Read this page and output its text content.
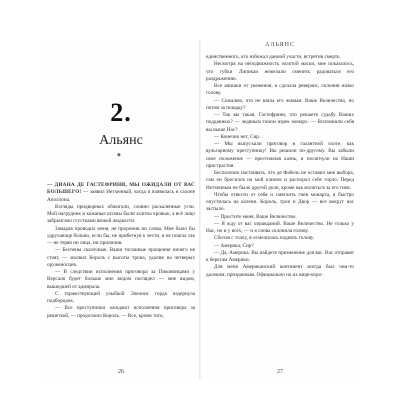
2.
Альянс
◆

— ДИАНА ДЕ ГАСТЕФРИНИ, МЫ ОЖИДАЛИ ОТ ВАС БОЛЬШЕГО! — заявил Нетхенный, когда я появилась в салоне Аполлона.

Взгляды придворных обжигали, словно раскаленные угли. Мой нагрудник и кожаные штаны были залиты кровью, а всё лицо забрызгано сгустками вязкой жидкости.

Замарав проводил меня, не проронив ни слова. Мне было бы удручающе больно, если бы, не прибегнув к чести, я не пошла так — не теряя ни лица, ни приличия.

— Беспены сказочные. Ваши тогашные прощения ничего не стоят, — молвил Король с высоты трона, удалив на четверых оруженосцев.

— В следствии исполнения приговора за Пиковинцами у Версаля будет больше мне видом поглядел — мне видом, вышедшей от адмирала.

С торжествующей улыбкой Элеонис гордо вздернула подбородок.

— Все преступники ожидают исполнения приговора за решеткой, — продолжил Король. — Все, кроме того,

26
АЛЬЯНС

единственного, кто избежал данной участи, встретив смерть.

Несмотря на неподвижность золотой маски, мне показалось, что губки Липикаи нежелали сменить радоваться его раздражению.

Все анишки от уважения, я сделала реверанс, склонив низко голову.

— Сожалею, что не взяла его живым. Ваше Величество, но потом за пощаду?

— Так вы такая, Гастефрини, что решаете судьбу Ваших подданных? — ледяным тоном изрек монарх. — Вспомнили себя вы выше Нас?

— Конечно нет, Сир.

— Мы выпускали приговор в галантной охоте, как вульгарному преступнику! Вы решили по-другому. Вы забыли свое положение — престижная казнь, и посягнули на Наши пристрастия.

Бесполезно настаивать, что де Фабель не оставил мне выбора, сам он бросился на мой клинок и распорол себе горло. Перед Нетхенным не было другой доли, кроме как молиться за его гнев.

Чтобы отвести от себя и смягчить гнев монарха, я быстро опустилась на колени. Король, трон и Двор — все вокруг нас застыло.

— Простите меня, Ваше Величество.

— Я жду от вас оправданий. Ваше Величество. Не только у Нас, но и у всех, — и я снова склонила голову.

Сбитая с толку, я осмелилась поднять голову.

— Америка, Сир?

— Да, Америка. Вы найдете применение для вас. Вас отправят к берегам Америки.

Для меня Американский континент всегда был чем-то далеким, призрачным. Официально на их вице-коро-

27
